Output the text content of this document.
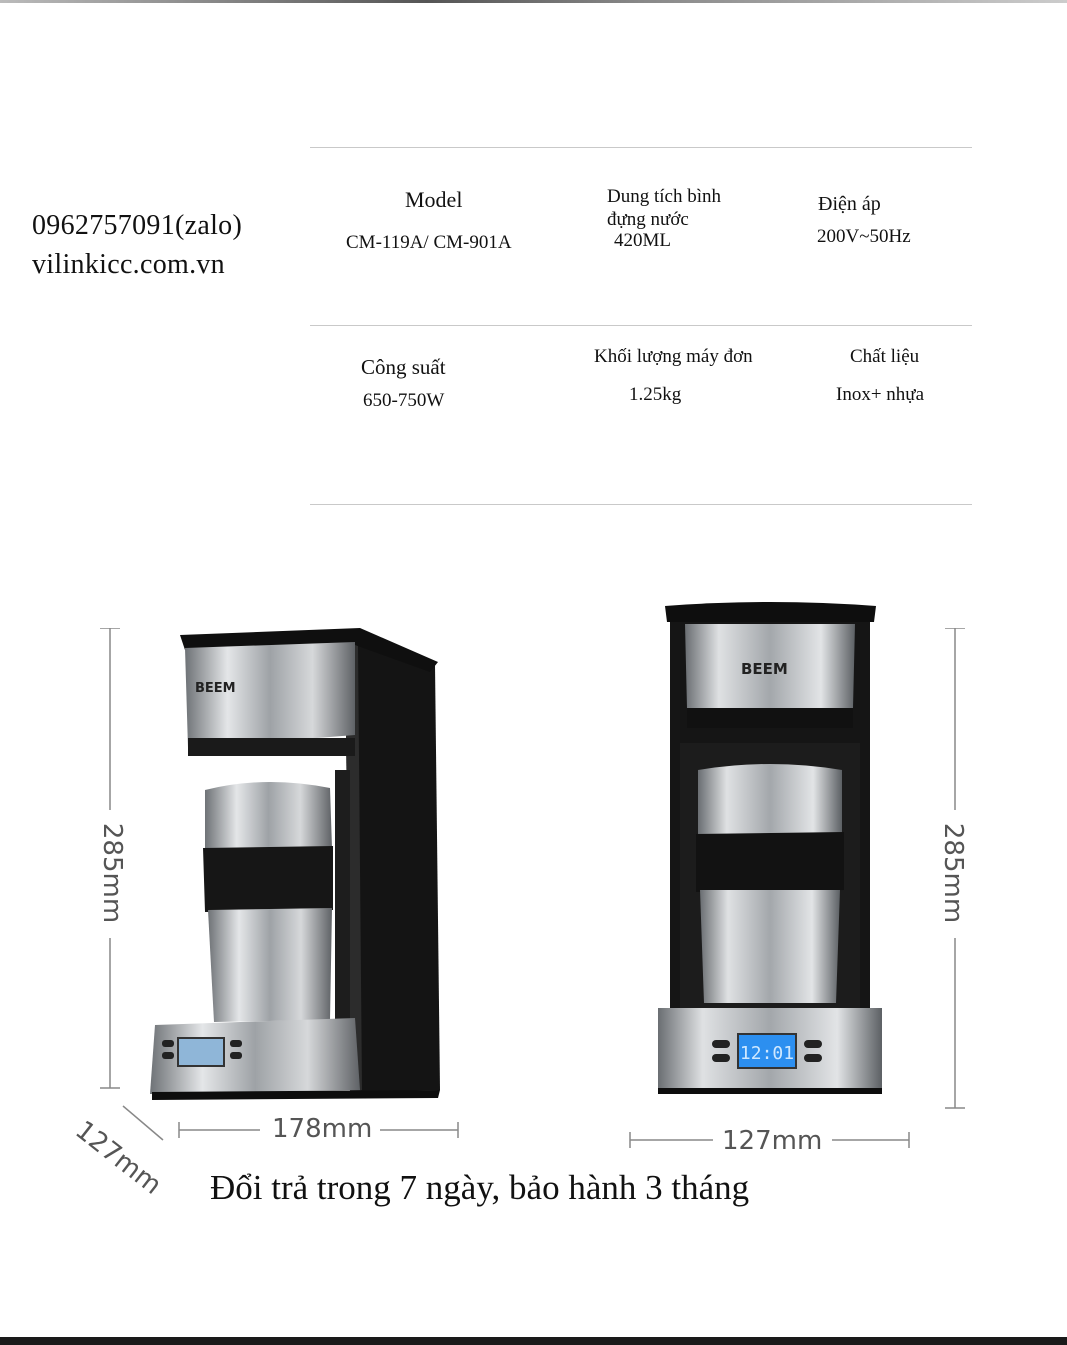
0962757091(zalo)
vilinkicc.com.vn
Model
CM-119A/ CM-901A
Dung tích bình
đựng nước
420ML
Điện áp
200V~50Hz
Công suất
650-750W
Khối lượng máy đơn
1.25kg
Chất liệu
Inox+ nhựa
BEEM
285mm
178mm
127mm
BEEM
12:01
285mm
127mm
Đổi trả trong 7 ngày, bảo hành 3 tháng
